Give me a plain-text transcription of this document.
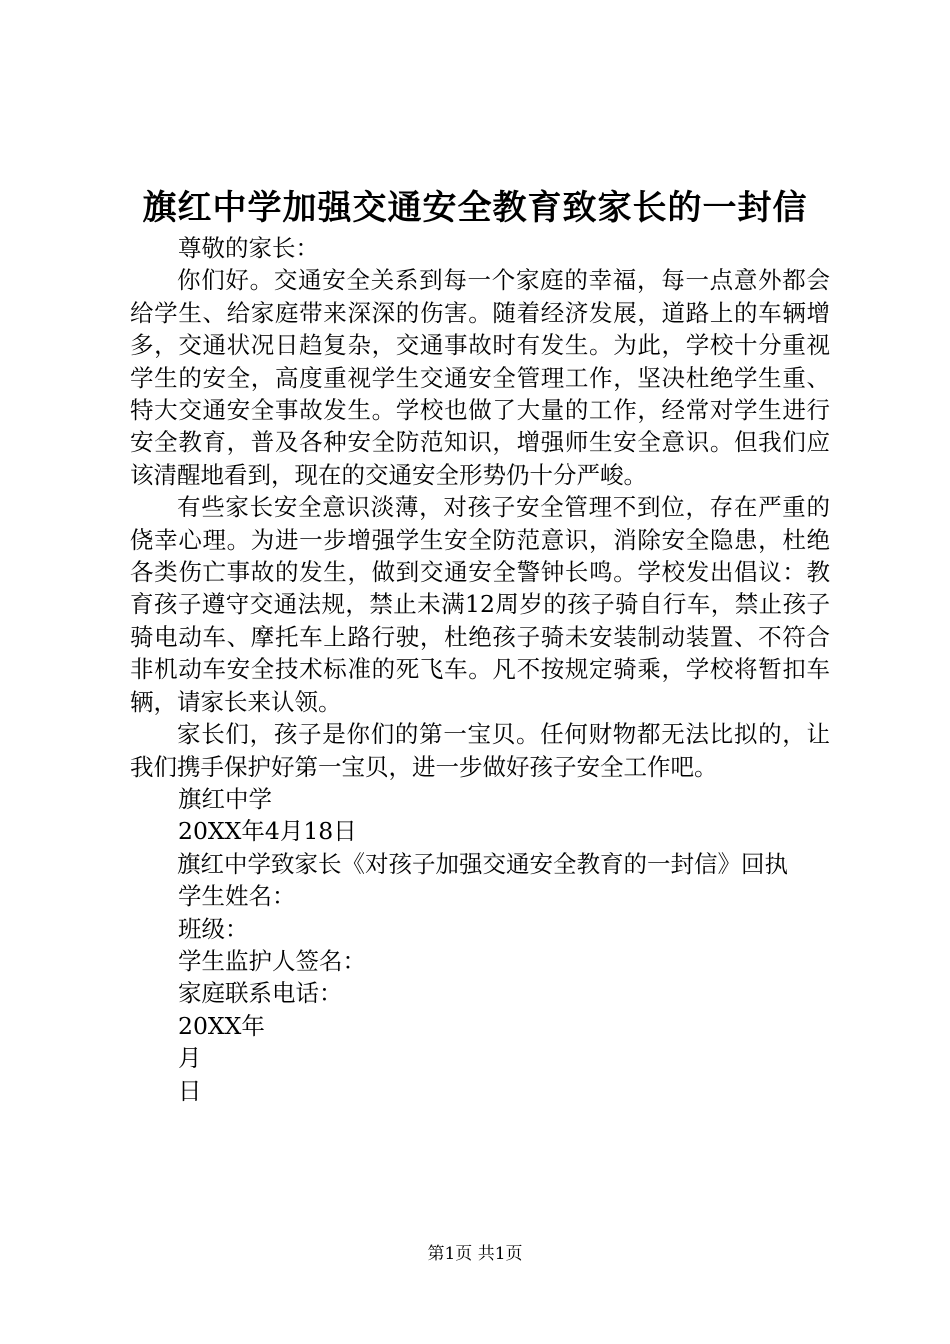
旗红中学加强交通安全教育致家长的一封信
尊敬的家长：

你们好。交通安全关系到每一个家庭的幸福，每一点意外都会给学生、给家庭带来深深的伤害。随着经济发展，道路上的车辆增多，交通状况日趋复杂，交通事故时有发生。为此，学校十分重视学生的安全，高度重视学生交通安全管理工作，坚决杜绝学生重、特大交通安全事故发生。学校也做了大量的工作，经常对学生进行安全教育，普及各种安全防范知识，增强师生安全意识。但我们应该清醒地看到，现在的交通安全形势仍十分严峻。

有些家长安全意识淡薄，对孩子安全管理不到位，存在严重的侥幸心理。为进一步增强学生安全防范意识，消除安全隐患，杜绝各类伤亡事故的发生，做到交通安全警钟长鸣。学校发出倡议：教育孩子遵守交通法规，禁止未满12周岁的孩子骑自行车，禁止孩子骑电动车、摩托车上路行驶，杜绝孩子骑未安装制动装置、不符合非机动车安全技术标准的死飞车。凡不按规定骑乘，学校将暂扣车辆，请家长来认领。

家长们，孩子是你们的第一宝贝。任何财物都无法比拟的，让我们携手保护好第一宝贝，进一步做好孩子安全工作吧。

旗红中学
20XX年4月18日

旗红中学致家长《对孩子加强交通安全教育的一封信》回执

学生姓名：
班级：
学生监护人签名：
家庭联系电话：
20XX年
月
日
第1页 共1页
